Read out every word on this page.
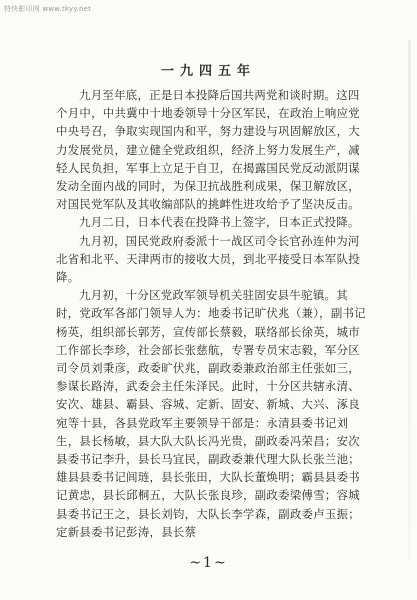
特快影印网 www.tkyy.net
一九四五年

九月至年底，正是日本投降后国共两党和谈时期。这四个月中，中共冀中十地委领导十分区军民，在政治上响应党中央号召，争取实现国内和平，努力建设与巩固解放区，大力发展党员，建立健全党政组织，经济上努力发展生产，减轻人民负担，军事上立足于自卫，在揭露国民党反动派阴谋发动全面内战的同时，为保卫抗战胜利成果，保卫解放区，对国民党军队及其收编部队的挑衅性进攻给予了坚决反击。

九月二日，日本代表在投降书上签字，日本正式投降。

九月初，国民党政府委派十一战区司令长官孙连仲为河北省和北平、天津两市的接收大员，到北平接受日本军队投降。

九月初，十分区党政军领导机关驻固安县牛驼镇。其时，党政军各部门领导人为：地委书记旷伏兆（兼），副书记杨英，组织部长郭芳，宣传部长蔡毅，联络部长徐英，城市工作部长李珍，社会部长张慈航，专署专员宋志毅，军分区司令员刘秉彦，政委旷伏兆，副政委兼政治部主任张如三，参谋长路涛，武委会主任朱泽民。此时，十分区共辖永清、安次、雄县、霸县、容城、定新、固安、新城、大兴、涿良宛等十县，各县党政军主要领导干部是：永清县委书记刘生，县长杨敏，县大队大队长冯光贵，副政委冯荣昌；安次县委书记李升，县长马宜民，副政委兼代理大队长张兰池；雄县县委书记闾琏，县长张田，大队长董焕明；霸县县委书记黄忠，县长邱桐五，大队长张良珍，副政委梁傅雪；容城县委书记王之，县长刘钧，大队长李学森，副政委卢玉振；定新县委书记彭涛，县长蔡

~1~
